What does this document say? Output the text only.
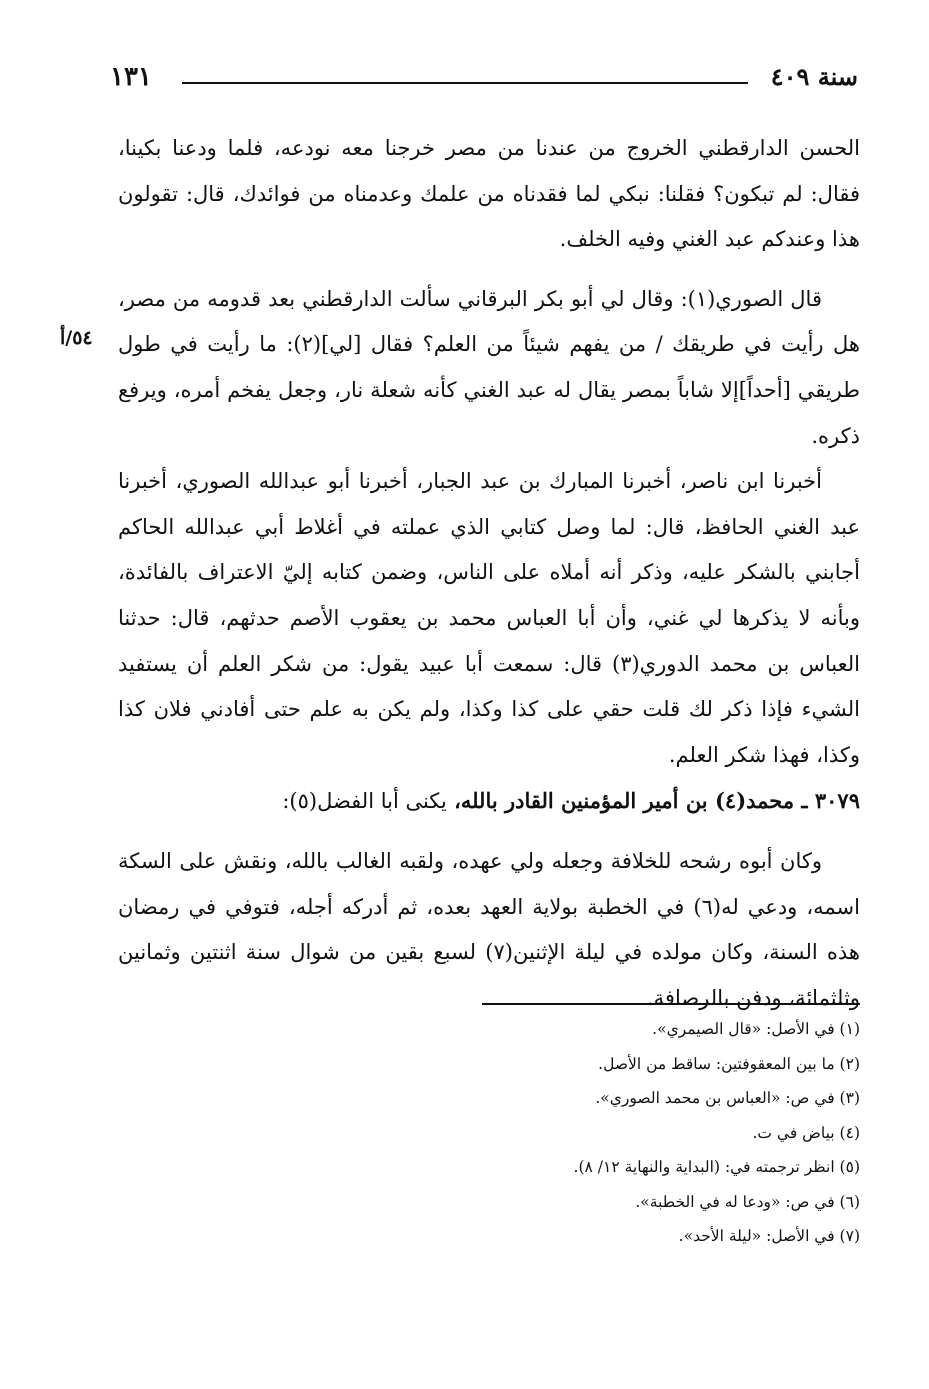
سنة ٤٠٩
١٣١
٥٤/أ

الحسن الدارقطني الخروج من عندنا من مصر خرجنا معه نودعه، فلما ودعنا بكينا، فقال: لم تبكون؟ فقلنا: نبكي لما فقدناه من علمك وعدمناه من فوائدك، قال: تقولون هذا وعندكم عبد الغني وفيه الخلف.

قال الصوري(١): وقال لي أبو بكر البرقاني سألت الدارقطني بعد قدومه من مصر، هل رأيت في طريقك / من يفهم شيئاً من العلم؟ فقال [لي](٢): ما رأيت في طول طريقي [أحداً]إلا شاباً بمصر يقال له عبد الغني كأنه شعلة نار، وجعل يفخم أمره، ويرفع ذكره.

أخبرنا ابن ناصر، أخبرنا المبارك بن عبد الجبار، أخبرنا أبو عبدالله الصوري، أخبرنا عبد الغني الحافظ، قال: لما وصل كتابي الذي عملته في أغلاط أبي عبدالله الحاكم أجابني بالشكر عليه، وذكر أنه أملاه على الناس، وضمن كتابه إليّ الاعتراف بالفائدة، وبأنه لا يذكرها لي غني، وأن أبا العباس محمد بن يعقوب الأصم حدثهم، قال: حدثنا العباس بن محمد الدوري(٣) قال: سمعت أبا عبيد يقول: من شكر العلم أن يستفيد الشيء فإذا ذكر لك قلت حقي على كذا وكذا، ولم يكن به علم حتى أفادني فلان كذا وكذا، فهذا شكر العلم.

٣٠٧٩ ـ محمد(٤) بن أمير المؤمنين القادر بالله، يكنى أبا الفضل(٥):

وكان أبوه رشحه للخلافة وجعله ولي عهده، ولقبه الغالب بالله، ونقش على السكة اسمه، ودعي له(٦) في الخطبة بولاية العهد بعده، ثم أدركه أجله، فتوفي في رمضان هذه السنة، وكان مولده في ليلة الإثنين(٧) لسبع بقين من شوال سنة اثنتين وثمانين وثلثمائة، ودفن بالرصافة.

(١) في الأصل: «قال الصيمري».

(٢) ما بين المعقوفتين: ساقط من الأصل.

(٣) في ص: «العباس بن محمد الصوري».

(٤) بياض في ت.

(٥) انظر ترجمته في: (البداية والنهاية ١٢/ ٨).

(٦) في ص: «ودعا له في الخطبة».

(٧) في الأصل: «ليلة الأحد».
